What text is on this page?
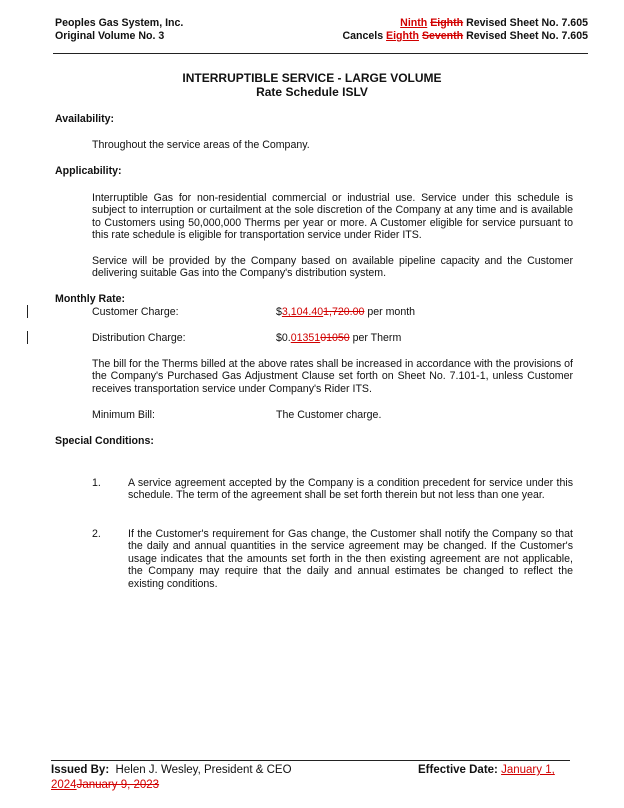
Peoples Gas System, Inc.
Original Volume No. 3
Ninth Eighth Revised Sheet No. 7.605
Cancels Eighth Seventh Revised Sheet No. 7.605
INTERRUPTIBLE SERVICE - LARGE VOLUME
Rate Schedule ISLV
Availability:
Throughout the service areas of the Company.
Applicability:
Interruptible Gas for non-residential commercial or industrial use. Service under this schedule is subject to interruption or curtailment at the sole discretion of the Company at any time and is available to Customers using 50,000,000 Therms per year or more. A Customer eligible for service pursuant to this rate schedule is eligible for transportation service under Rider ITS.
Service will be provided by the Company based on available pipeline capacity and the Customer delivering suitable Gas into the Company's distribution system.
Monthly Rate:
Customer Charge:	$3,104.401,720.00 per month
Distribution Charge:	$0.0135101050 per Therm
The bill for the Therms billed at the above rates shall be increased in accordance with the provisions of the Company's Purchased Gas Adjustment Clause set forth on Sheet No. 7.101-1, unless Customer receives transportation service under Company's Rider ITS.
Minimum Bill:	The Customer charge.
Special Conditions:
1.	A service agreement accepted by the Company is a condition precedent for service under this schedule. The term of the agreement shall be set forth therein but not less than one year.
2.	If the Customer's requirement for Gas change, the Customer shall notify the Company so that the daily and annual quantities in the service agreement may be changed. If the Customer's usage indicates that the amounts set forth in the then existing agreement are not applicable, the Company may require that the daily and annual estimates be changed to reflect the existing conditions.
Issued By:  Helen J. Wesley, President & CEO	Effective Date: January 1,
2024January 9, 2023
